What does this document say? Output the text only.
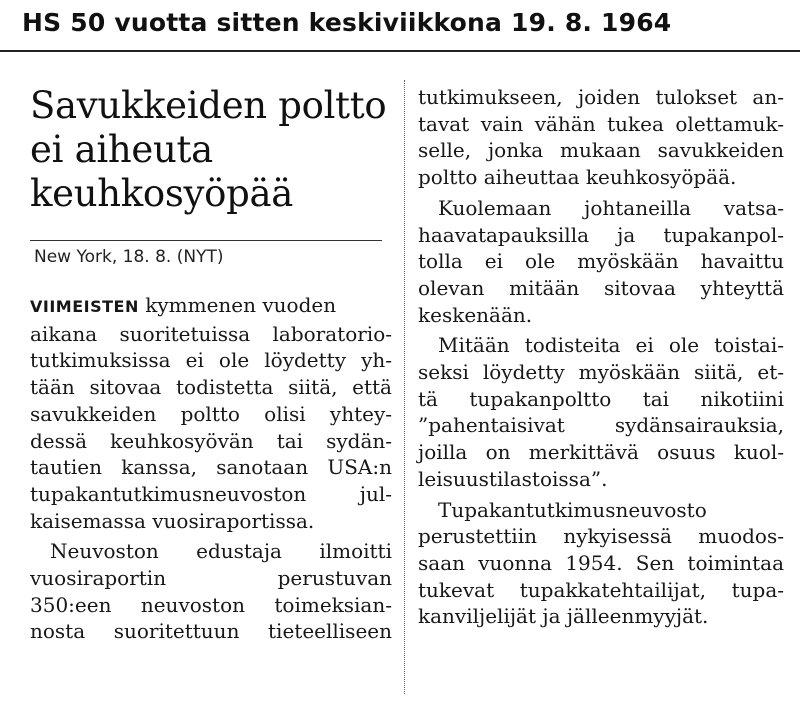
HS 50 vuotta sitten keskiviikkona 19. 8. 1964
Savukkeiden poltto
ei aiheuta
keuhkosyöpää
New York, 18. 8. (NYT)

VIIMEISTEN kymmenen vuoden
aikana suoritetuissa laboratorio-
tutkimuksissa ei ole löydetty yh-
tään sitovaa todistetta siitä, että
savukkeiden poltto olisi yhtey-
dessä keuhkosyövän tai sydän-
tautien kanssa, sanotaan USA:n
tupakantutkimusneuvoston jul-
kaisemassa vuosiraportissa.

Neuvoston edustaja ilmoitti
vuosiraportin perustuvan
350:een neuvoston toimeksian-
nosta suoritettuun tieteelliseen

tutkimukseen, joiden tulokset an-
tavat vain vähän tukea olettamuk-
selle, jonka mukaan savukkeiden
poltto aiheuttaa keuhkosyöpää.

Kuolemaan johtaneilla vatsa-
haavatapauksilla ja tupakanpol-
tolla ei ole myöskään havaittu
olevan mitään sitovaa yhteyttä
keskenään.

Mitään todisteita ei ole toistai-
seksi löydetty myöskään siitä, et-
tä tupakanpoltto tai nikotiini
”pahentaisivat sydänsairauksia,
joilla on merkittävä osuus kuol-
leisuustilastoissa”.

Tupakantutkimusneuvosto
perustettiin nykyisessä muodos-
saan vuonna 1954. Sen toimintaa
tukevat tupakkatehtailijat, tupa-
kanviljelijät ja jälleenmyyjät.
